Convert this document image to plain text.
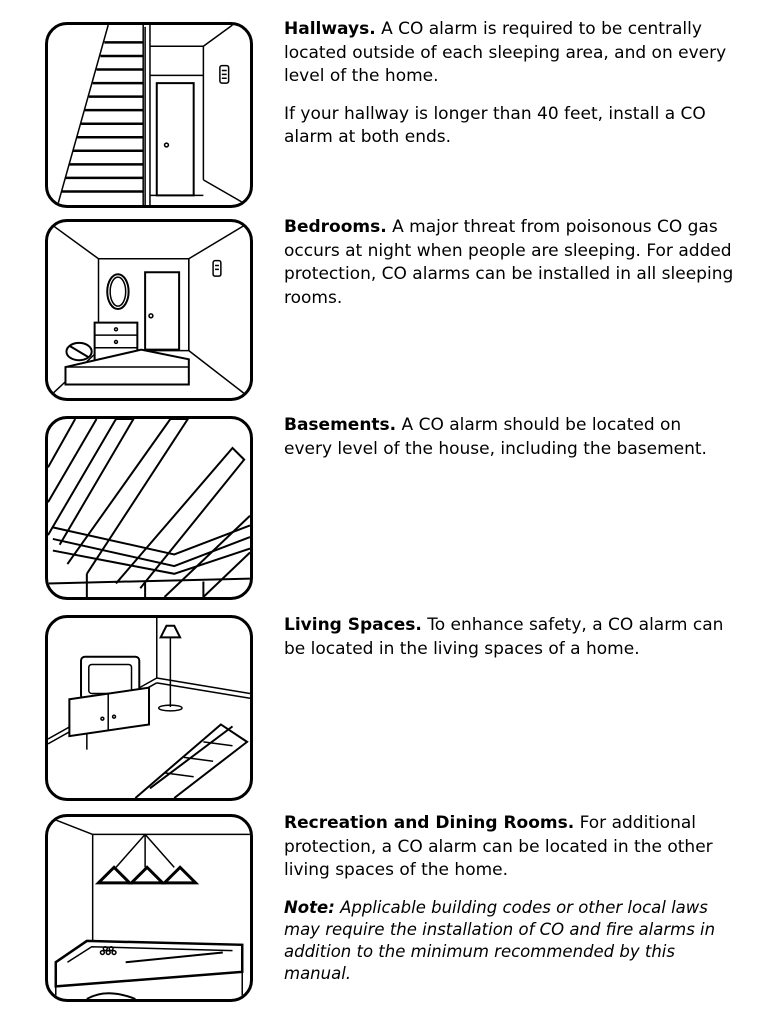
Hallways. A CO alarm is required to be centrally located outside of each sleeping area, and on every level of the home.

If your hallway is longer than 40 feet, install a CO alarm at both ends.

Bedrooms. A major threat from poisonous CO gas occurs at night when people are sleeping. For added protection, CO alarms can be installed in all sleeping rooms.

Basements. A CO alarm should be located on every level of the house, including the basement.

Living Spaces. To enhance safety, a CO alarm can be located in the living spaces of a home.

Recreation and Dining Rooms. For additional protection, a CO alarm can be located in the other living spaces of the home.

Note: Applicable building codes or other local laws may require the installation of CO and fire alarms in addition to the minimum recommended by this manual.
